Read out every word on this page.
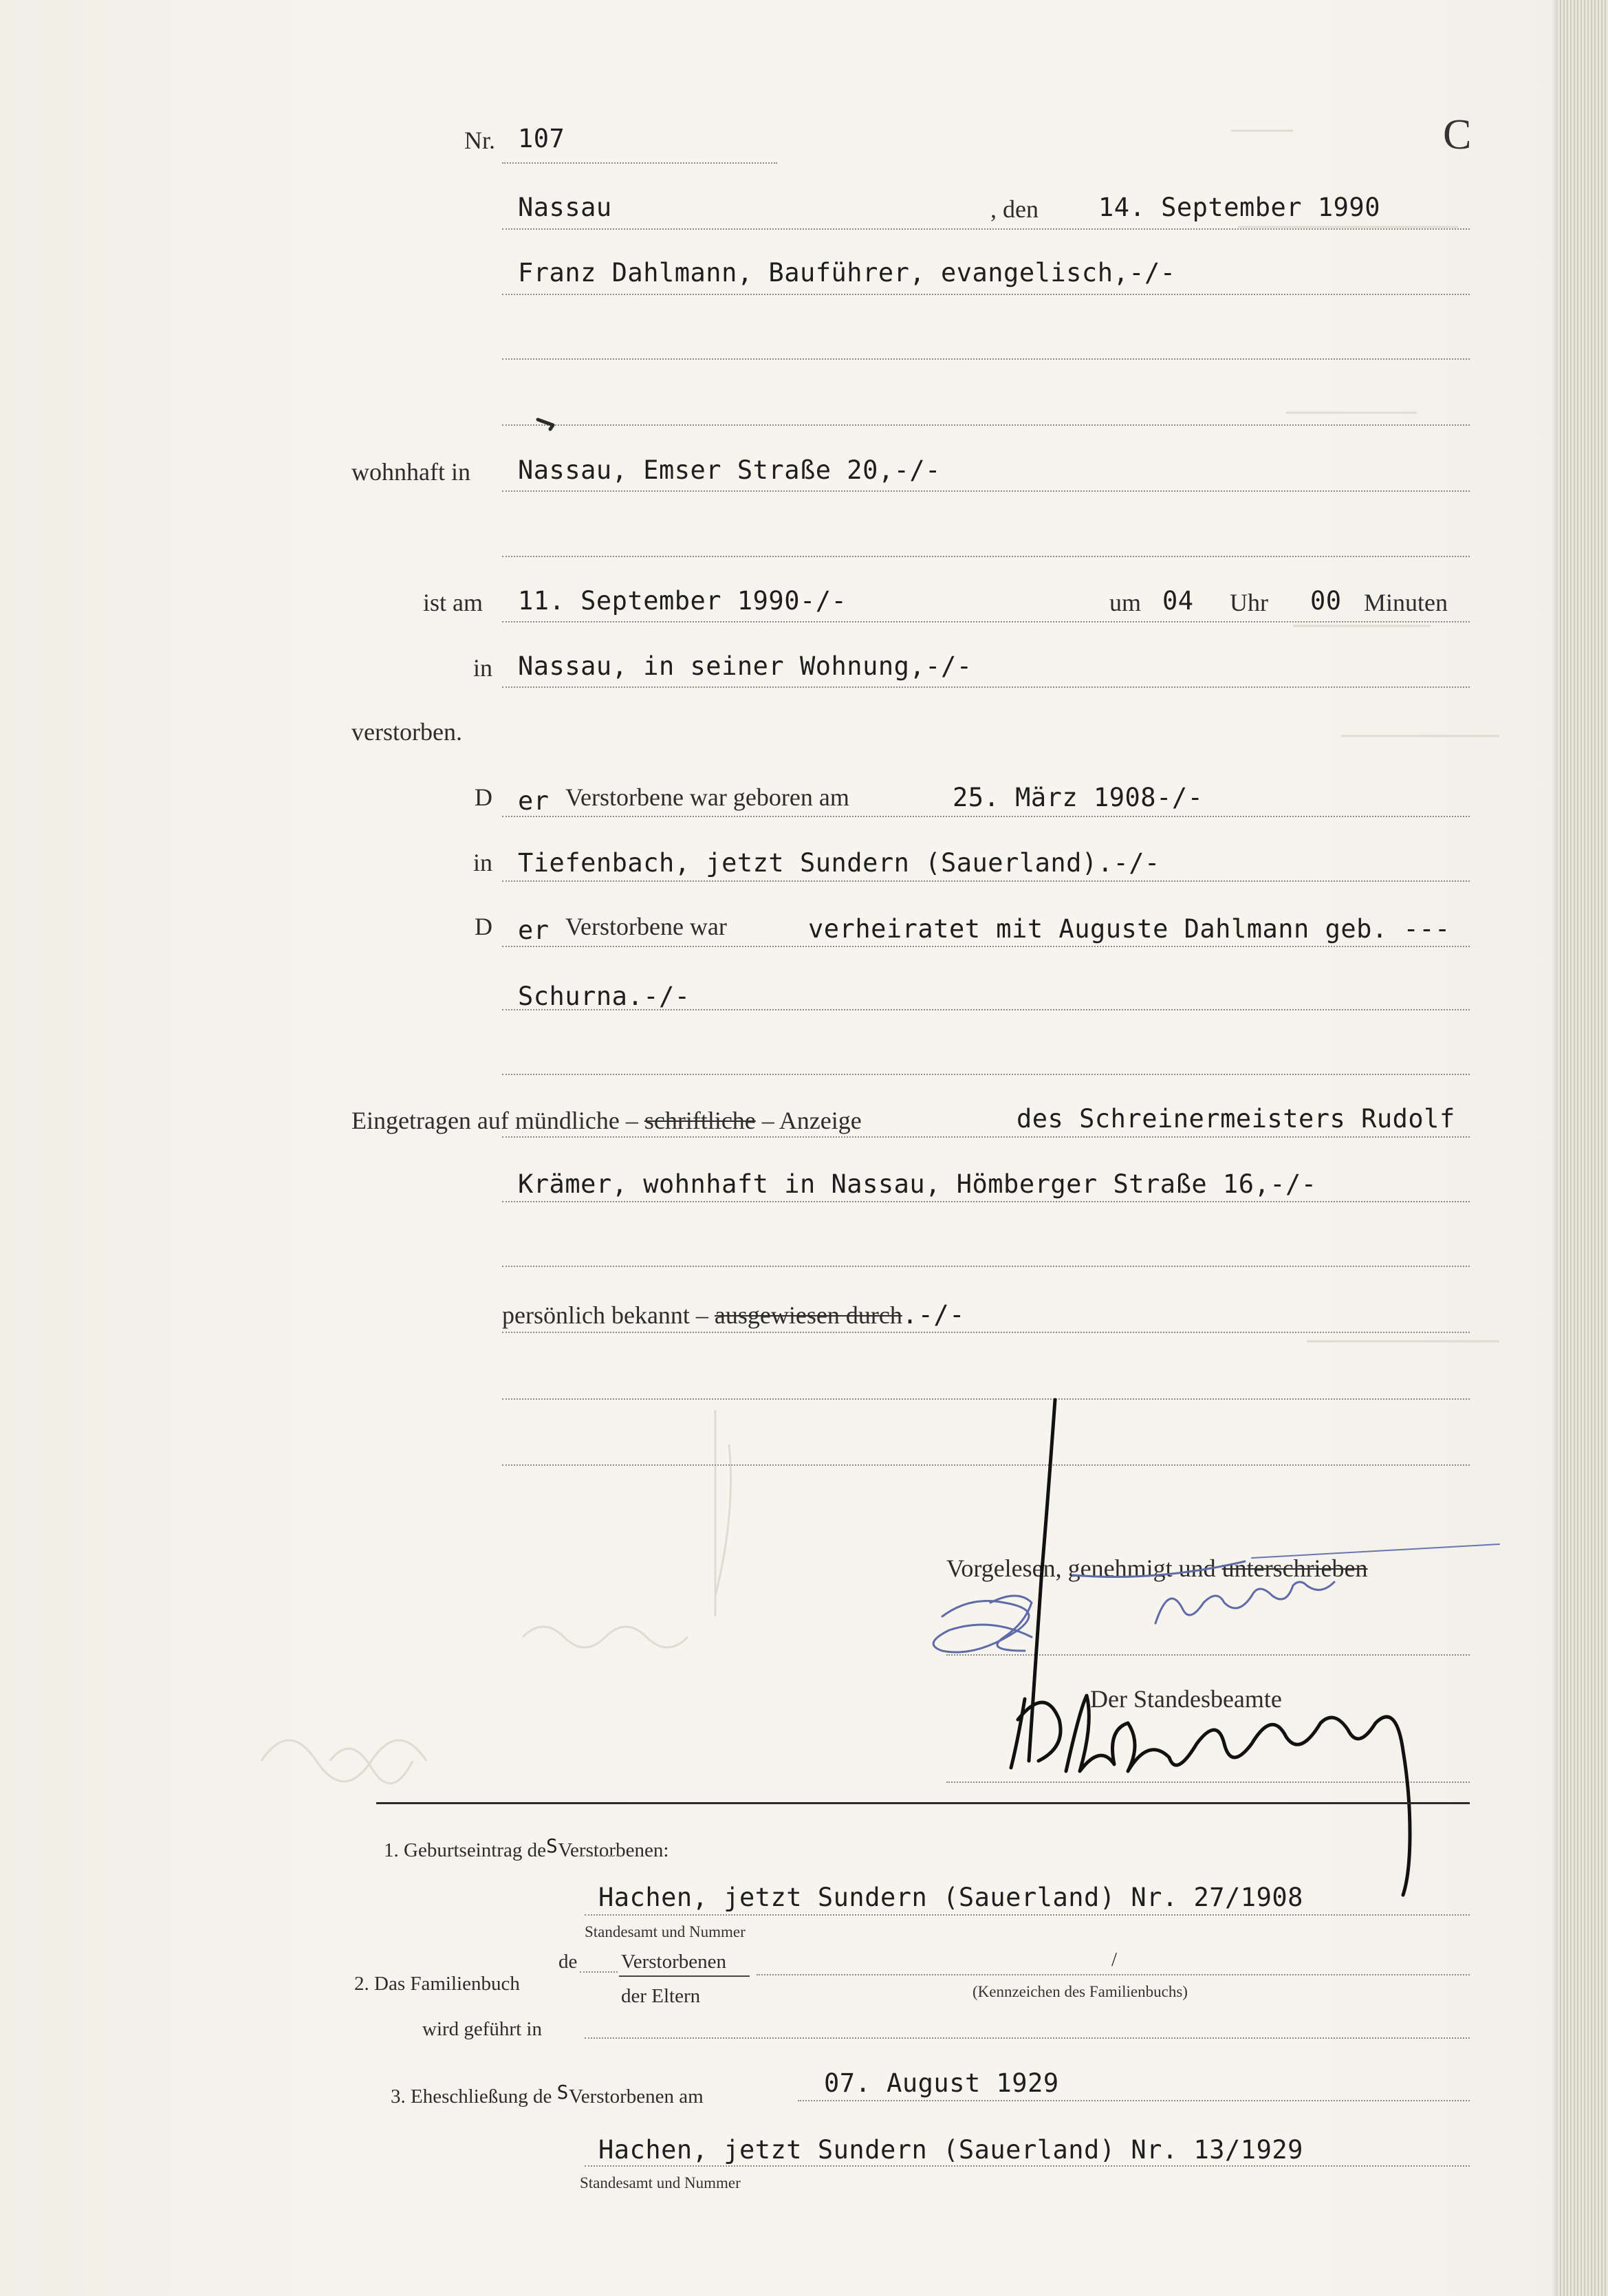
C
Nr. 107
Nassau	, den 14. September 1990
Franz Dahlmann, Bauführer, evangelisch,-/-
wohnhaft in Nassau, Emser Straße 20,-/-
ist am 11. September 1990-/-	um 04 Uhr 00 Minuten
in Nassau, in seiner Wohnung,-/-
verstorben.
D er Verstorbene war geboren am	25. März 1908-/-
in Tiefenbach, jetzt Sundern (Sauerland).-/-
D er Verstorbene war	verheiratet mit Auguste Dahlmann geb. ---
Schurna.-/-
Eingetragen auf mündliche – schriftliche – Anzeige	des Schreinermeisters Rudolf
Krämer, wohnhaft in Nassau, Hömberger Straße 16,-/-
persönlich bekannt – ausgewiesen durch.-/-
Vorgelesen, genehmigt und unterschrieben
Der Standesbeamte
1. Geburtseintrag deSVerstorbenen:
Hachen, jetzt Sundern (Sauerland) Nr. 27/1908
Standesamt und Nummer
2. Das Familienbuch
de Verstorbenen
der Eltern
/
(Kennzeichen des Familienbuchs)
wird geführt in
3. Eheschließung de SVerstorbenen am	07. August 1929
Hachen, jetzt Sundern (Sauerland) Nr. 13/1929
Standesamt und Nummer
